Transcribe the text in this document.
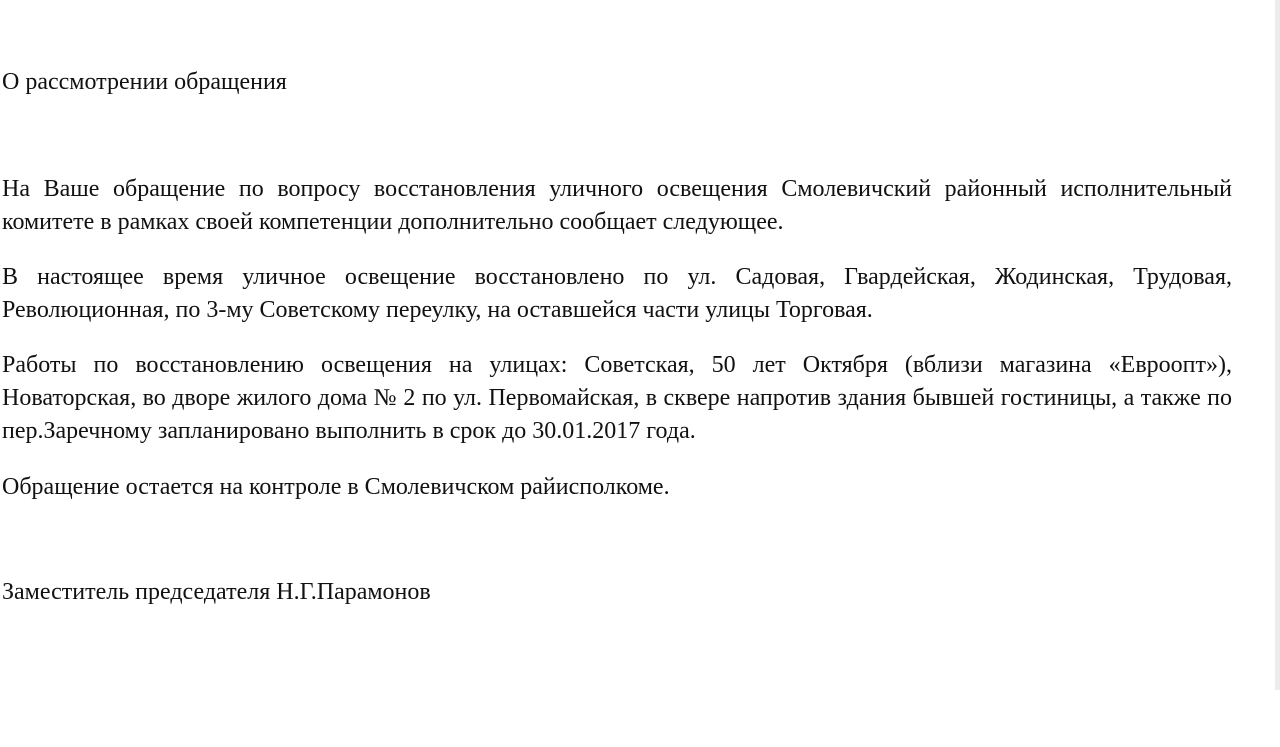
О рассмотрении обращения

На Ваше обращение по вопросу восстановления уличного освещения Смолевичский районный исполнительный комитете в рамках своей компетенции дополнительно сообщает следующее.

В настоящее время уличное освещение восстановлено по ул. Садовая, Гвардейская, Жодинская, Трудовая, Революционная, по 3-му Советскому переулку, на оставшейся части улицы Торговая.

Работы по восстановлению освещения на улицах: Советская, 50 лет Октября (вблизи магазина «Евроопт»), Новаторская, во дворе жилого дома № 2 по ул. Первомайская, в сквере напротив здания бывшей гостиницы, а также по пер.Заречному запланировано выполнить в срок до 30.01.2017 года.

Обращение остается на контроле в Смолевичском райисполкоме.

Заместитель председателя Н.Г.Парамонов
